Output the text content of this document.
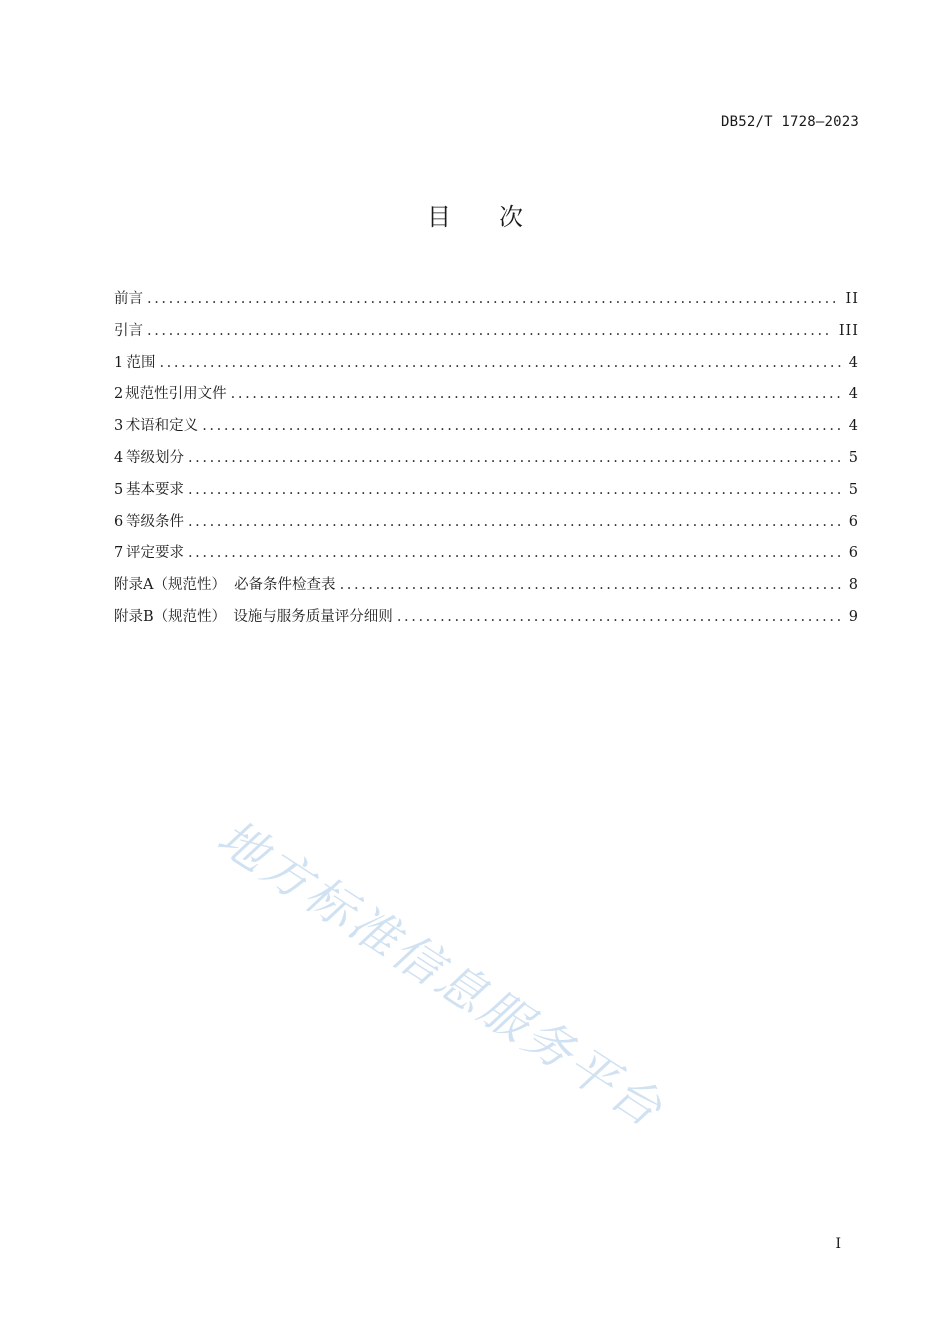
DB52/T 1728—2023
目 次
前言 .....	II
引言 .....	III
1 范围 .....	4
2 规范性引用文件 .....	4
3 术语和定义 .....	4
4 等级划分 .....	5
5 基本要求 .....	5
6 等级条件 .....	6
7 评定要求 .....	6
附录A（规范性） 必备条件检查表 .....	8
附录B（规范性） 设施与服务质量评分细则 .....	9
地方标准信息服务平台
I
